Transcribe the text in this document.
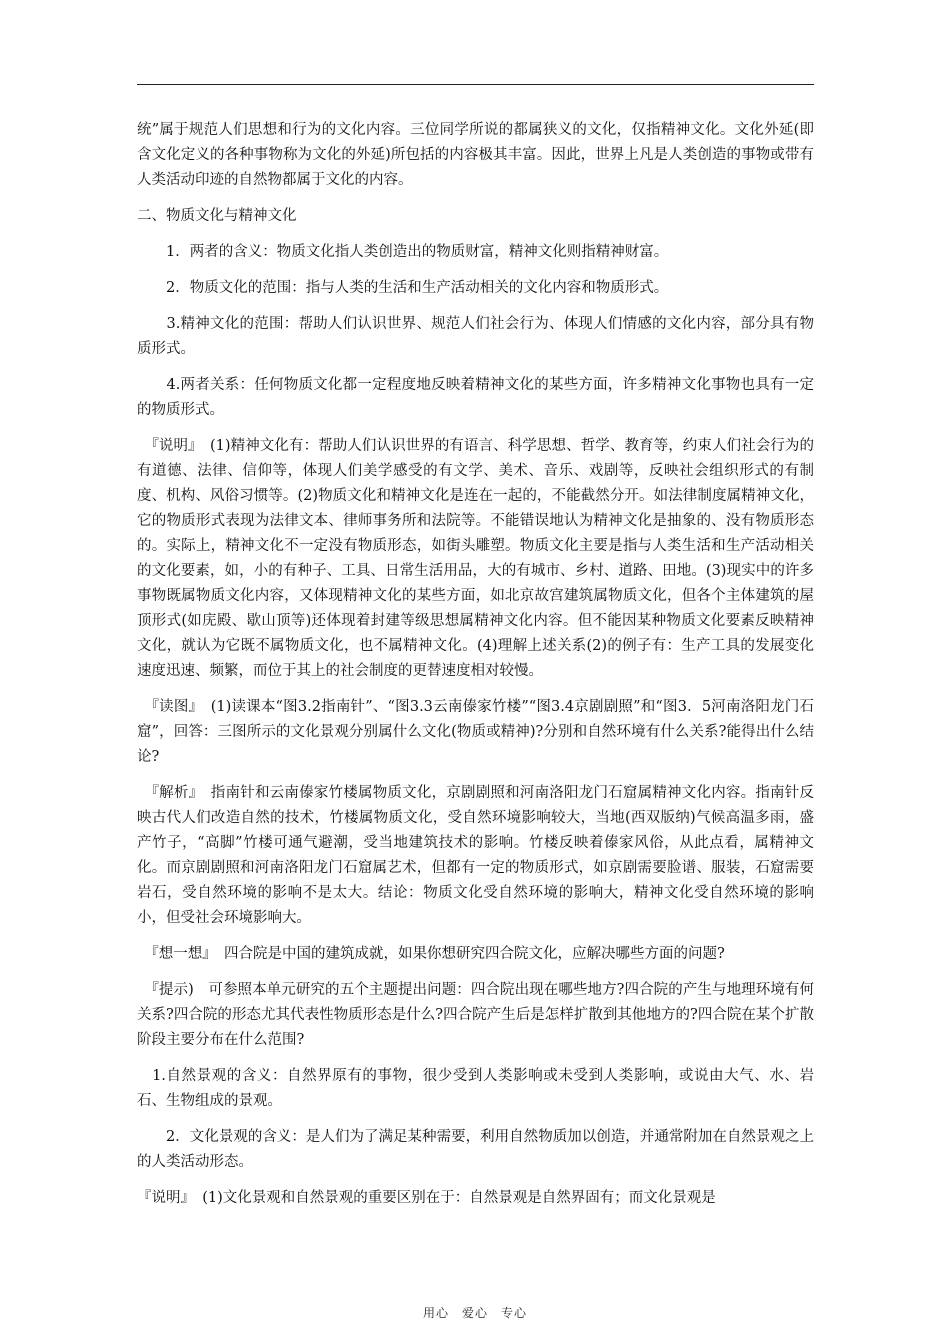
统”属于规范人们思想和行为的文化内容。三位同学所说的都属狭义的文化，仅指精神文化。文化外延(即含文化定义的各种事物称为文化的外延)所包括的内容极其丰富。因此，世界上凡是人类创造的事物或带有人类活动印迹的自然物都属于文化的内容。

二、物质文化与精神文化

　　1．两者的含义：物质文化指人类创造出的物质财富，精神文化则指精神财富。

　　2．物质文化的范围：指与人类的生活和生产活动相关的文化内容和物质形式。

　　3.精神文化的范围：帮助人们认识世界、规范人们社会行为、体现人们情感的文化内容，部分具有物质形式。

　　4.两者关系：任何物质文化都一定程度地反映着精神文化的某些方面，许多精神文化事物也具有一定的物质形式。

　『说明』　(1)精神文化有：帮助人们认识世界的有语言、科学思想、哲学、教育等，约束人们社会行为的有道德、法律、信仰等，体现人们美学感受的有文学、美术、音乐、戏剧等，反映社会组织形式的有制度、机构、风俗习惯等。(2)物质文化和精神文化是连在一起的，不能截然分开。如法律制度属精神文化，它的物质形式表现为法律文本、律师事务所和法院等。不能错误地认为精神文化是抽象的、没有物质形态的。实际上，精神文化不一定没有物质形态，如街头雕塑。物质文化主要是指与人类生活和生产活动相关的文化要素，如，小的有种子、工具、日常生活用品，大的有城市、乡村、道路、田地。(3)现实中的许多事物既属物质文化内容，又体现精神文化的某些方面，如北京故宫建筑属物质文化，但各个主体建筑的屋顶形式(如庑殿、歇山顶等)还体现着封建等级思想属精神文化内容。但不能因某种物质文化要素反映精神文化，就认为它既不属物质文化，也不属精神文化。(4)理解上述关系(2)的例子有：生产工具的发展变化速度迅速、频繁，而位于其上的社会制度的更替速度相对较慢。

　『读图』　(1)读课本“图3.2指南针”、“图3.3云南傣家竹楼”“图3.4京剧剧照”和“图3．5河南洛阳龙门石窟”，回答：三图所示的文化景观分别属什么文化(物质或精神)?分别和自然环境有什么关系?能得出什么结论?

　『解析』　指南针和云南傣家竹楼属物质文化，京剧剧照和河南洛阳龙门石窟属精神文化内容。指南针反映古代人们改造自然的技术，竹楼属物质文化，受自然环境影响较大，当地(西双版纳)气候高温多雨，盛产竹子，“高脚”竹楼可通气避潮，受当地建筑技术的影响。竹楼反映着傣家风俗，从此点看，属精神文化。而京剧剧照和河南洛阳龙门石窟属艺术，但都有一定的物质形式，如京剧需要脸谱、服装，石窟需要岩石，受自然环境的影响不是太大。结论：物质文化受自然环境的影响大，精神文化受自然环境的影响小，但受社会环境影响大。

　『想一想』　四合院是中国的建筑成就，如果你想研究四合院文化，应解决哪些方面的问题?

　『提示)　可参照本单元研究的五个主题提出问题：四合院出现在哪些地方?四合院的产生与地理环境有何关系?四合院的形态尤其代表性物质形态是什么?四合院产生后是怎样扩散到其他地方的?四合院在某个扩散阶段主要分布在什么范围?

　1.自然景观的含义：自然界原有的事物，很少受到人类影响或未受到人类影响，或说由大气、水、岩石、生物组成的景观。

　　2．文化景观的含义：是人们为了满足某种需要，利用自然物质加以创造，并通常附加在自然景观之上的人类活动形态。

『说明』　(1)文化景观和自然景观的重要区别在于：自然景观是自然界固有；而文化景观是

用心　爱心　专心
